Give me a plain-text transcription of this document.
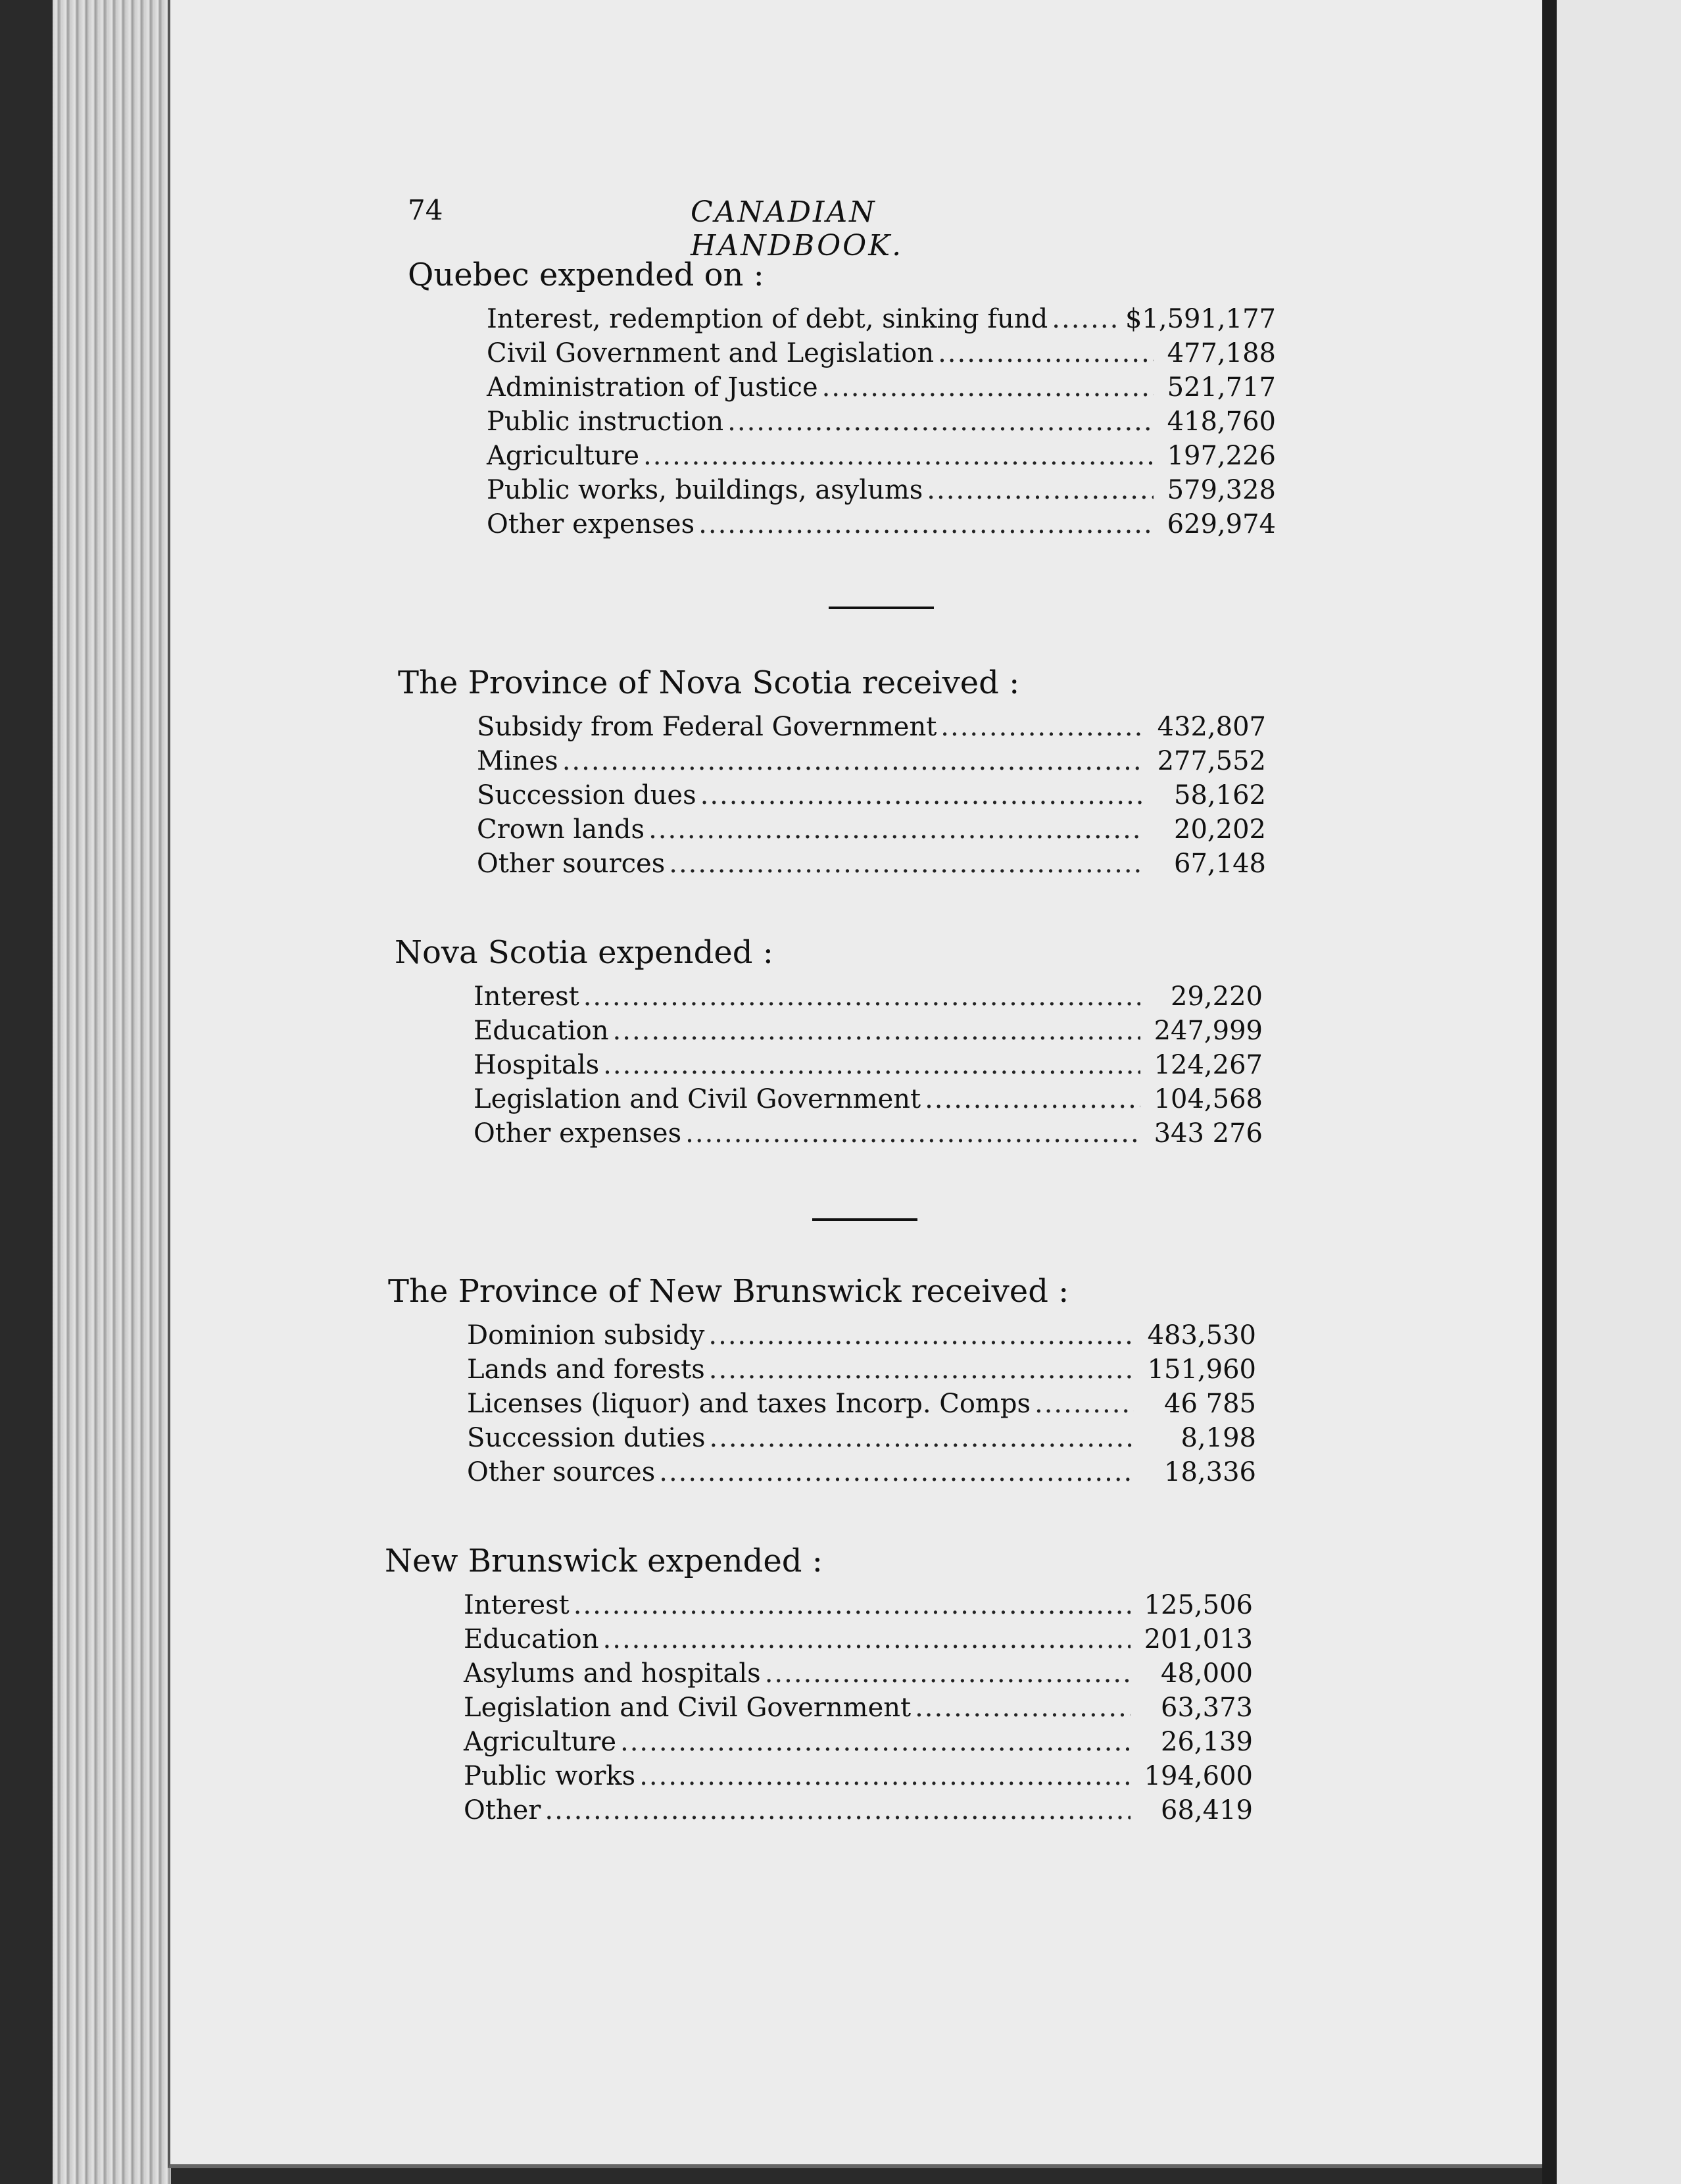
74	CANADIAN HANDBOOK.
Quebec expended on :
Interest, redemption of debt, sinking fund .....	$1,591,177
Civil Government and Legislation .....	477,188
Administration of Justice .....	521,717
Public instruction .....	418,760
Agriculture .....	197,226
Public works, buildings, asylums .....	579,328
Other expenses .....	629,974
The Province of Nova Scotia received :
Subsidy from Federal Government .....	432,807
Mines .....	277,552
Succession dues .....	58,162
Crown lands .....	20,202
Other sources .....	67,148
Nova Scotia expended :
Interest .....	29,220
Education .....	247,999
Hospitals .....	124,267
Legislation and Civil Government .....	104,568
Other expenses .....	343 276
The Province of New Brunswick received :
Dominion subsidy .....	483,530
Lands and forests .....	151,960
Licenses (liquor) and taxes Incorp. Comps .....	46 785
Succession duties .....	8,198
Other sources .....	18,336
New Brunswick expended :
Interest .....	125,506
Education .....	201,013
Asylums and hospitals .....	48,000
Legislation and Civil Government .....	63,373
Agriculture .....	26,139
Public works .....	194,600
Other .....	68,419
